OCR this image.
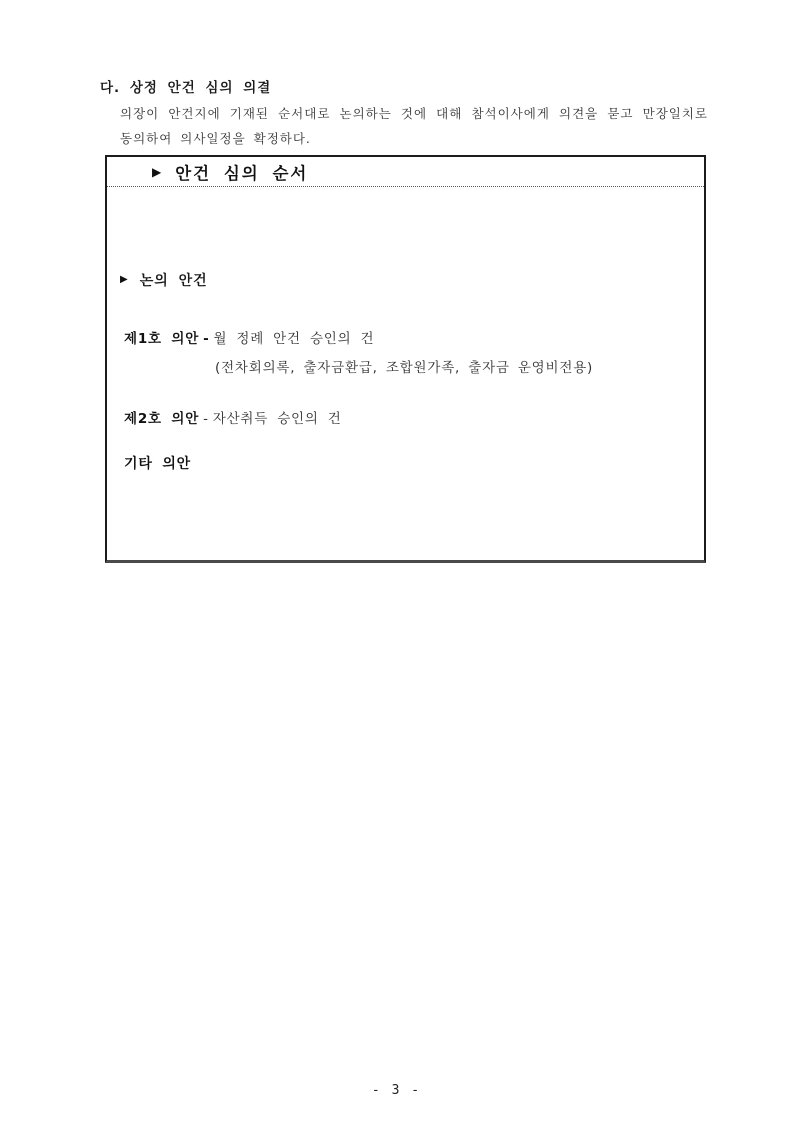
다. 상정 안건 심의 의결
의장이 안건지에 기재된 순서대로 논의하는 것에 대해 참석이사에게 의견을 묻고 만장일치로 동의하여 의사일정을 확정하다.
▶ 안건 심의 순서
▶ 논의 안건
제1호 의안 - 월 정례 안건 승인의 건
(전차회의록, 출자금환급, 조합원가족, 출자금 운영비전용)
제2호 의안 - 자산취득 승인의 건
기타 의안
- 3 -
